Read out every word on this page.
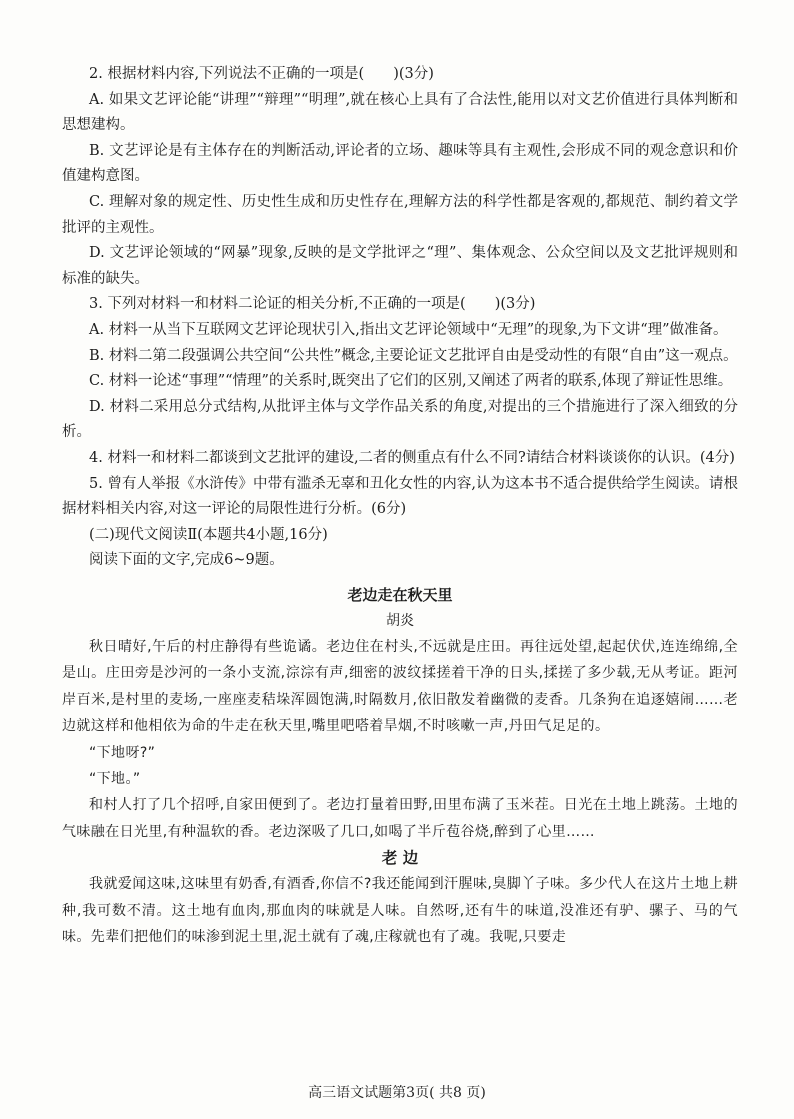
2. 根据材料内容,下列说法不正确的一项是(　　)(3分)

A. 如果文艺评论能“讲理”“辩理”“明理”,就在核心上具有了合法性,能用以对文艺价值进行具体判断和思想建构。

B. 文艺评论是有主体存在的判断活动,评论者的立场、趣味等具有主观性,会形成不同的观念意识和价值建构意图。

C. 理解对象的规定性、历史性生成和历史性存在,理解方法的科学性都是客观的,都规范、制约着文学批评的主观性。

D. 文艺评论领域的“网暴”现象,反映的是文学批评之“理”、集体观念、公众空间以及文艺批评规则和标准的缺失。

3. 下列对材料一和材料二论证的相关分析,不正确的一项是(　　)(3分)

A. 材料一从当下互联网文艺评论现状引入,指出文艺评论领域中“无理”的现象,为下文讲“理”做准备。

B. 材料二第二段强调公共空间“公共性”概念,主要论证文艺批评自由是受动性的有限“自由”这一观点。

C. 材料一论述“事理”“情理”的关系时,既突出了它们的区别,又阐述了两者的联系,体现了辩证性思维。

D. 材料二采用总分式结构,从批评主体与文学作品关系的角度,对提出的三个措施进行了深入细致的分析。

4. 材料一和材料二都谈到文艺批评的建设,二者的侧重点有什么不同?请结合材料谈谈你的认识。(4分)

5. 曾有人举报《水浒传》中带有滥杀无辜和丑化女性的内容,认为这本书不适合提供给学生阅读。请根据材料相关内容,对这一评论的局限性进行分析。(6分)

(二)现代文阅读Ⅱ(本题共4小题,16分)

阅读下面的文字,完成6~9题。

老边走在秋天里

胡炎

秋日晴好,午后的村庄静得有些诡谲。老边住在村头,不远就是庄田。再往远处望,起起伏伏,连连绵绵,全是山。庄田旁是沙河的一条小支流,淙淙有声,细密的波纹揉搓着干净的日头,揉搓了多少载,无从考证。距河岸百米,是村里的麦场,一座座麦秸垛浑圆饱满,时隔数月,依旧散发着幽微的麦香。几条狗在追逐嬉闹……老边就这样和他相依为命的牛走在秋天里,嘴里吧嗒着旱烟,不时咳嗽一声,丹田气足足的。

“下地呀?”

“下地。”

和村人打了几个招呼,自家田便到了。老边打量着田野,田里布满了玉米茬。日光在土地上跳荡。土地的气味融在日光里,有种温软的香。老边深吸了几口,如喝了半斤苞谷烧,醉到了心里……

老 边

我就爱闻这味,这味里有奶香,有酒香,你信不?我还能闻到汗腥味,臭脚丫子味。多少代人在这片土地上耕种,我可数不清。这土地有血肉,那血肉的味就是人味。自然呀,还有牛的味道,没准还有驴、骡子、马的气味。先辈们把他们的味渗到泥土里,泥土就有了魂,庄稼就也有了魂。我呢,只要走

高三语文试题第3页( 共8 页)
